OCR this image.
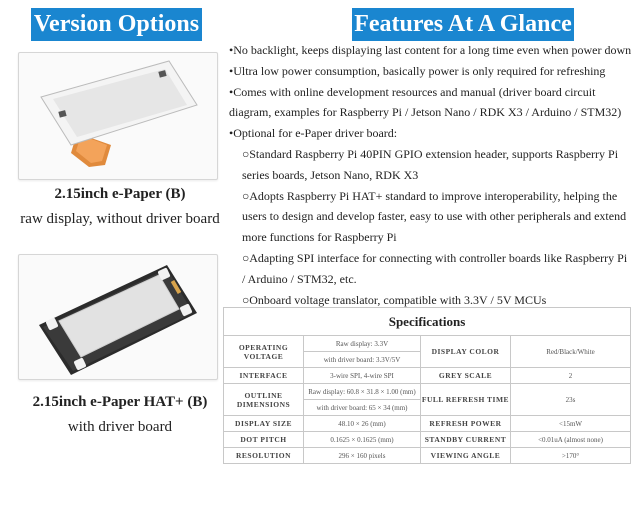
Version Options
2.15inch e-Paper (B)
raw display, without driver board
2.15inch e-Paper HAT+ (B)
with driver board
Features At A Glance
•No backlight, keeps displaying last content for a long time even when power down
•Ultra low power consumption, basically power is only required for refreshing
•Comes with online development resources and manual (driver board circuit
diagram, examples for Raspberry Pi / Jetson Nano / RDK X3 / Arduino / STM32)
•Optional for e-Paper driver board:
○Standard Raspberry Pi 40PIN GPIO extension header, supports Raspberry Pi
series boards, Jetson Nano, RDK X3
○Adopts Raspberry Pi HAT+ standard to improve interoperability, helping the
users to design and develop faster, easy to use with other peripherals and extend
more functions for Raspberry Pi
○Adapting SPI interface for connecting with controller boards like Raspberry Pi
/ Arduino / STM32, etc.
○Onboard voltage translator, compatible with 3.3V / 5V MCUs
Specifications			
OPERATING VOLTAGE	Raw display: 3.3V	DISPLAY COLOR	Red/Black/White
	with driver board: 3.3V/5V		
INTERFACE	3-wire SPI, 4-wire SPI	GREY SCALE	2
OUTLINE DIMENSIONS	Raw display: 60.8 × 31.8 × 1.00 (mm)	FULL REFRESH TIME	23s
	with driver board: 65 × 34 (mm)		
DISPLAY SIZE	48.10 × 26 (mm)	REFRESH POWER	<15mW
DOT PITCH	0.1625 × 0.1625 (mm)	STANDBY CURRENT	<0.01uA (almost none)
RESOLUTION	296 × 160 pixels	VIEWING ANGLE	>170°
